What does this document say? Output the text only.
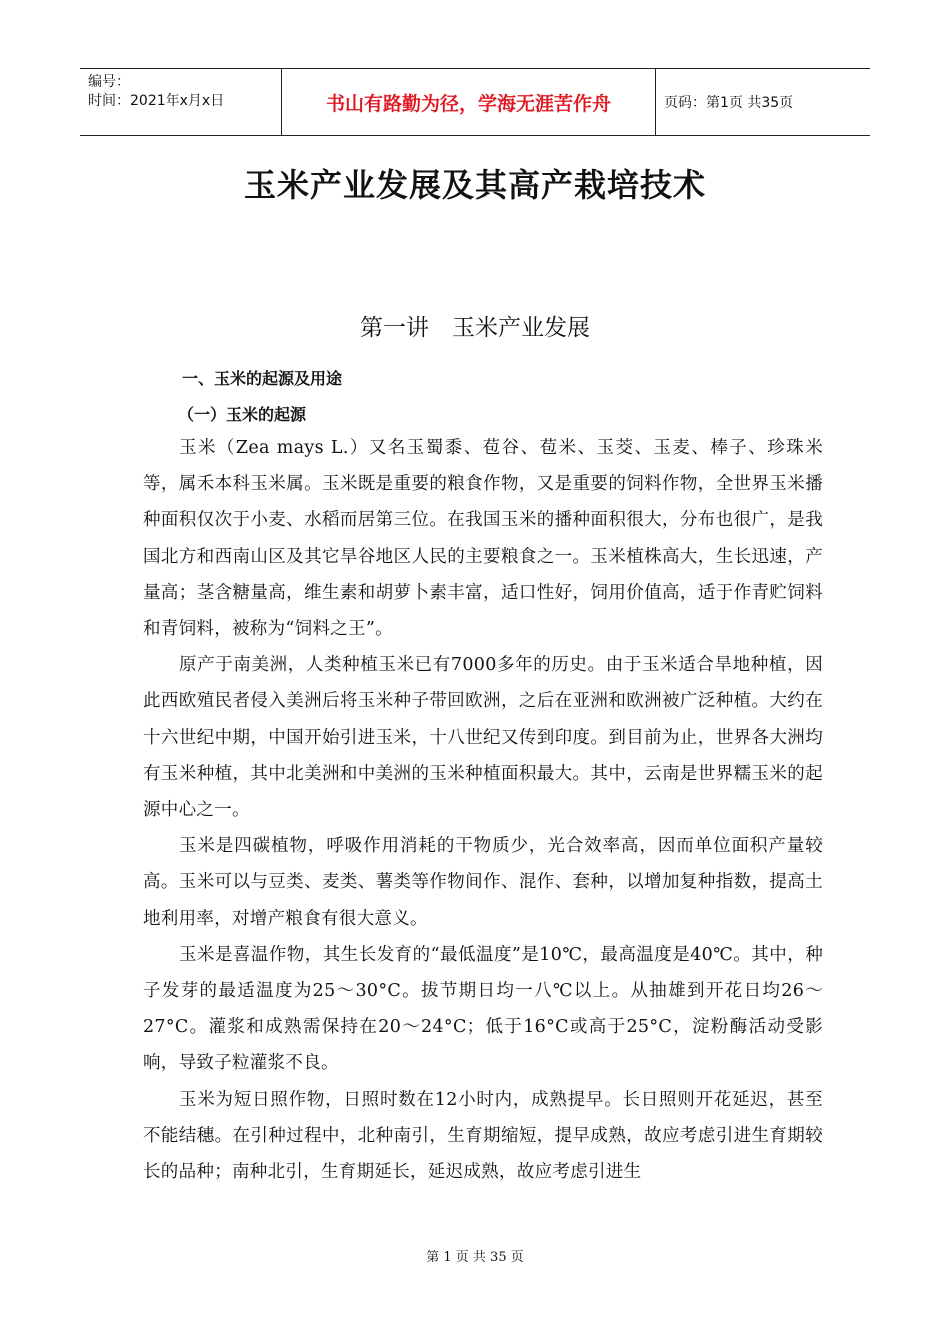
编号：
时间：2021年x月x日	书山有路勤为径，学海无涯苦作舟	页码：第1页 共35页
玉米产业发展及其高产栽培技术
第一讲　玉米产业发展
一、玉米的起源及用途
（一）玉米的起源

玉米（Zea mays L.）又名玉蜀黍、苞谷、苞米、玉茭、玉麦、棒子、珍珠米等，属禾本科玉米属。玉米既是重要的粮食作物，又是重要的饲料作物，全世界玉米播种面积仅次于小麦、水稻而居第三位。在我国玉米的播种面积很大，分布也很广，是我国北方和西南山区及其它旱谷地区人民的主要粮食之一。玉米植株高大，生长迅速，产量高；茎含糖量高，维生素和胡萝卜素丰富，适口性好，饲用价值高，适于作青贮饲料和青饲料，被称为“饲料之王”。

原产于南美洲，人类种植玉米已有7000多年的历史。由于玉米适合旱地种植，因此西欧殖民者侵入美洲后将玉米种子带回欧洲，之后在亚洲和欧洲被广泛种植。大约在十六世纪中期，中国开始引进玉米，十八世纪又传到印度。到目前为止，世界各大洲均有玉米种植，其中北美洲和中美洲的玉米种植面积最大。其中，云南是世界糯玉米的起源中心之一。

玉米是四碳植物，呼吸作用消耗的干物质少，光合效率高，因而单位面积产量较高。玉米可以与豆类、麦类、薯类等作物间作、混作、套种，以增加复种指数，提高土地利用率，对增产粮食有很大意义。

玉米是喜温作物，其生长发育的“最低温度”是10℃，最高温度是40℃。其中，种子发芽的最适温度为25～30°C。拔节期日均一八℃以上。从抽雄到开花日均26～27°C。灌浆和成熟需保持在20～24°C；低于16°C或高于25°C，淀粉酶活动受影响，导致子粒灌浆不良。

玉米为短日照作物，日照时数在12小时内，成熟提早。长日照则开花延迟，甚至不能结穗。在引种过程中，北种南引，生育期缩短，提早成熟，故应考虑引进生育期较长的品种；南种北引，生育期延长，延迟成熟，故应考虑引进生

第 1 页 共 35 页
